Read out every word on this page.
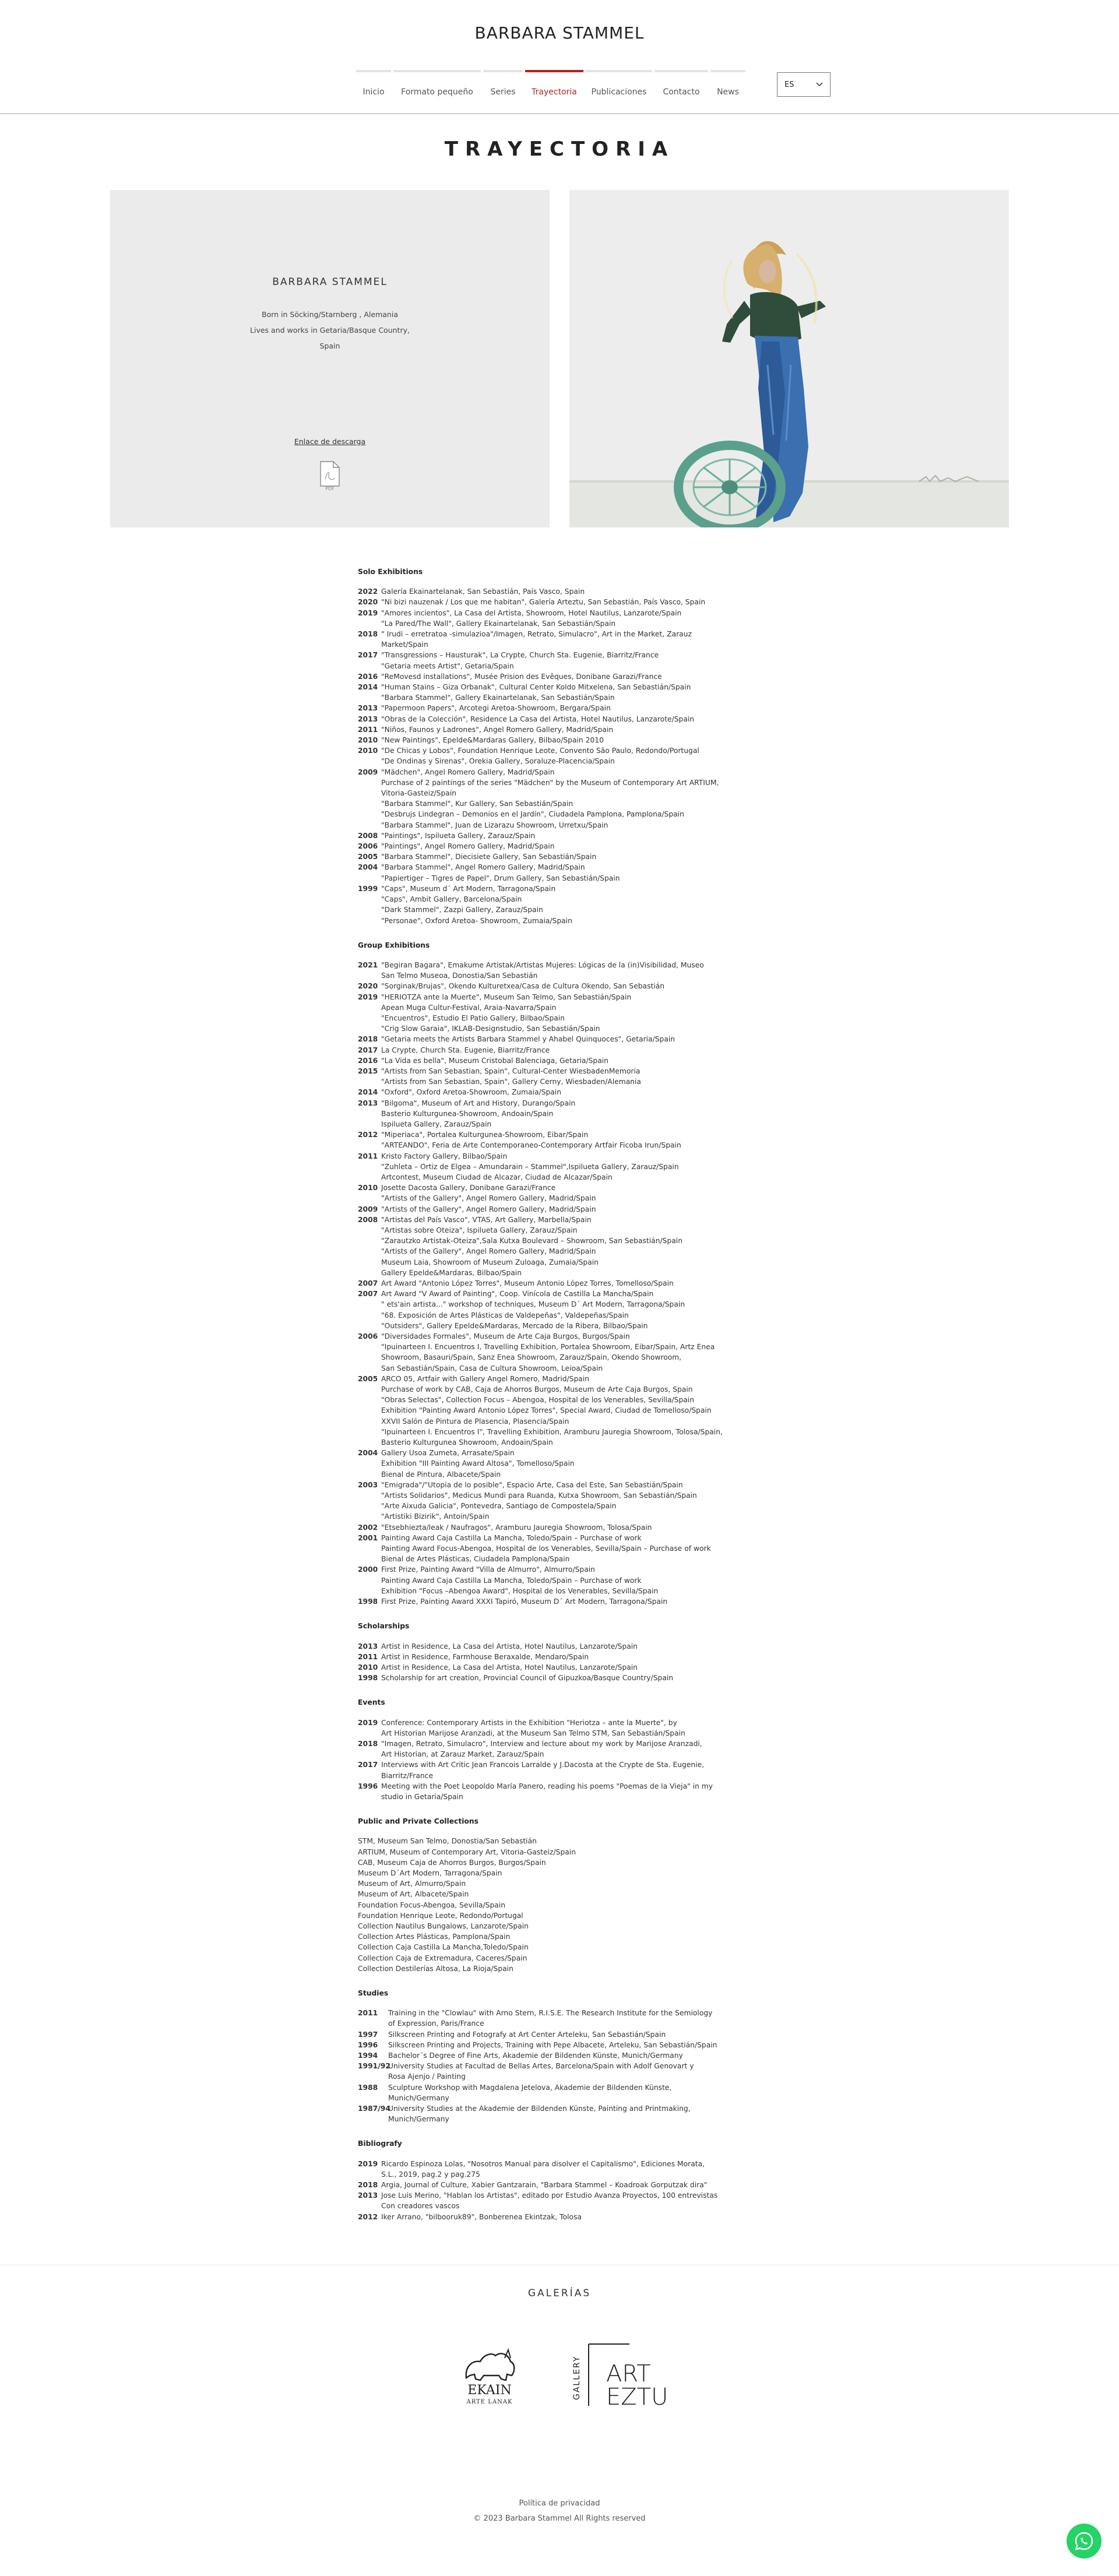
BARBARA STAMMEL
Inicio	Formato pequeño	Series	Trayectoria	Publicaciones	Contacto	News
ES
TRAYECTORIA
BARBARA STAMMEL
Born in Söcking/Starnberg , Alemania
Lives and works in Getaria/Basque Country,
Spain
Enlace de descarga
PDF
Solo Exhibitions
2022 Galería Ekainartelanak, San Sebastián, País Vasco, Spain
2020 "Ni bizi nauzenak / Los que me habitan", Galería Arteztu, San Sebastián, País Vasco, Spain
2019 "Amores incientos", La Casa del Artista, Showroom, Hotel Nautilus, Lanzarote/Spain
"La Pared/The Wall", Gallery Ekainartelanak, San Sebastián/Spain
2018 " Irudi – erretratoa -simulazioa"/Imagen, Retrato, Simulacro", Art in the Market, Zarauz
Market/Spain
2017 "Transgressions – Hausturak", La Crypte, Church Sta. Eugenie, Biarritz/France
"Getaria meets Artist", Getaria/Spain
2016 "ReMovesd installations", Musée Prision des Evêques, Donibane Garazi/France
2014 "Human Stains – Giza Orbanak", Cultural Center Koldo Mitxelena, San Sebastián/Spain
"Barbara Stammel", Gallery Ekainartelanak, San Sebastián/Spain
2013 "Papermoon Papers", Arcotegi Aretoa-Showroom, Bergara/Spain
2013 "Obras de la Colección", Residence La Casa del Artista, Hotel Nautilus, Lanzarote/Spain
2011 "Niños, Faunos y Ladrones", Angel Romero Gallery, Madrid/Spain
2010 "New Paintings", Epelde&Mardaras Gallery, Bilbao/Spain 2010
2010 "De Chicas y Lobos", Foundation Henrique Leote, Convento São Paulo, Redondo/Portugal
"De Ondinas y Sirenas", Orekia Gallery, Soraluze-Placencia/Spain
2009 "Mädchen", Angel Romero Gallery, Madrid/Spain
Purchase of 2 paintings of the series "Mädchen" by the Museum of Contemporary Art ARTIUM,
Vitoria-Gasteiz/Spain
"Barbara Stammel", Kur Gallery, San Sebastián/Spain
"Desbrujs Lindegran – Demonios en el Jardín", Ciudadela Pamplona, Pamplona/Spain
"Barbara Stammel", Juan de Lizarazu Showroom, Urretxu/Spain
2008 "Paintings", Ispilueta Gallery, Zarauz/Spain
2006 "Paintings", Angel Romero Gallery, Madrid/Spain
2005 "Barbara Stammel", Diecisiete Gallery, San Sebastián/Spain
2004 "Barbara Stammel", Angel Romero Gallery, Madrid/Spain
"Papiertiger – Tigres de Papel", Drum Gallery, San Sebastián/Spain
1999 "Caps", Museum d´ Art Modern, Tarragona/Spain
"Caps", Ambit Gallery, Barcelona/Spain
"Dark Stammel", Zazpi Gallery, Zarauz/Spain
"Personae", Oxford Aretoa- Showroom, Zumaia/Spain
Group Exhibitions
2021 "Begiran Bagara", Emakume Artistak/Artistas Mujeres: Lógicas de la (in)Visibilidad, Museo
San Telmo Museoa, Donostia/San Sebastián
2020 "Sorginak/Brujas", Okendo Kulturetxea/Casa de Cultura Okendo, San Sebastián
2019 "HERIOTZA ante la Muerte", Museum San Telmo, San Sebastián/Spain
Apean Muga Cultur-Festival, Araia-Navarra/Spain
"Encuentros", Estudio El Patio Gallery, Bilbao/Spain
"Crig Slow Garaia", IKLAB-Designstudio, San Sebastián/Spain
2018 "Getaria meets the Artists Barbara Stammel y Ahabel Quinquoces", Getaria/Spain
2017 La Crypte, Church Sta. Eugenie, Biarritz/France
2016 "La Vida es bella", Museum Cristobal Balenciaga, Getaria/Spain
2015 "Artists from San Sebastian, Spain", Cultural-Center WiesbadenMemoria
"Artists from San Sebastian, Spain", Gallery Cerny, Wiesbaden/Alemania
2014 "Oxford", Oxford Aretoa-Showroom, Zumaia/Spain
2013 "Bilgoma", Museum of Art and History, Durango/Spain
Basterio Kulturgunea-Showroom, Andoain/Spain
Ispilueta Gallery, Zarauz/Spain
2012 "Miperiaca", Portalea Kulturgunea-Showroom, Eibar/Spain
"ARTEANDO", Feria de Arte Contemporaneo-Contemporary Artfair Ficoba Irun/Spain
2011 Kristo Factory Gallery, Bilbao/Spain
"Zuhleta – Ortiz de Elgea – Amundarain – Stammel",Ispilueta Gallery, Zarauz/Spain
Artcontest, Museum Ciudad de Alcazar, Ciudad de Alcazar/Spain
2010 Josette Dacosta Gallery, Donibane Garazi/France
"Artists of the Gallery", Angel Romero Gallery, Madrid/Spain
2009 "Artists of the Gallery", Angel Romero Gallery, Madrid/Spain
2008 "Artistas del País Vasco", VTAS, Art Gallery, Marbella/Spain
"Artistas sobre Oteiza", Ispilueta Gallery, Zarauz/Spain
"Zarautzko Artistak-Oteiza",Sala Kutxa Boulevard – Showroom, San Sebastián/Spain
"Artists of the Gallery", Angel Romero Gallery, Madrid/Spain
Museum Laia, Showroom of Museum Zuloaga, Zumaia/Spain
Gallery Epelde&Mardaras, Bilbao/Spain
2007 Art Award "Antonio López Torres", Museum Antonio López Torres, Tomelloso/Spain
2007 Art Award "V Award of Painting", Coop. Vinícola de Castilla La Mancha/Spain
" ets'ain artista..." workshop of techniques, Museum D´ Art Modern, Tarragona/Spain
"68. Exposición de Artes Plásticas de Valdepeñas", Valdepeñas/Spain
"Outsiders", Gallery Epelde&Mardaras, Mercado de la Ribera, Bilbao/Spain
2006 "Diversidades Formales", Museum de Arte Caja Burgos, Burgos/Spain
"Ipuinarteen I. Encuentros I, Travelling Exhibition, Portalea Showroom, Eibar/Spain, Artz Enea
Showroom, Basauri/Spain, Sanz Enea Showroom, Zarauz/Spain, Okendo Showroom,
San Sebastián/Spain, Casa de Cultura Showroom, Leioa/Spain
2005 ARCO 05, Artfair with Gallery Angel Romero, Madrid/Spain
Purchase of work by CAB, Caja de Ahorros Burgos, Museum de Arte Caja Burgos, Spain
"Obras Selectas", Collection Focus – Abengoa, Hospital de los Venerables, Sevilla/Spain
Exhibition "Painting Award Antonio López Torres", Special Award, Ciudad de Tomelloso/Spain
XXVII Salón de Pintura de Plasencia, Plasencia/Spain
"Ipuinarteen I. Encuentros I", Travelling Exhibition, Aramburu Jauregia Showroom, Tolosa/Spain,
Basterio Kulturgunea Showroom, Andoain/Spain
2004 Gallery Usoa Zumeta, Arrasate/Spain
Exhibition "III Painting Award Altosa", Tomelloso/Spain
Bienal de Pintura, Albacete/Spain
2003 "Emigrada"/"Utopia de lo posible", Espacio Arte, Casa del Este, San Sebastián/Spain
"Artists Solidarios", Medicus Mundi para Ruanda, Kutxa Showroom, San Sebastián/Spain
"Arte Aixuda Galicia", Pontevedra, Santiago de Compostela/Spain
"Artistiki Bizirik", Antoin/Spain
2002 "Etsebhiezta/leak / Naufragos", Aramburu Jauregia Showroom, Tolosa/Spain
2001 Painting Award Caja Castilla La Mancha, Toledo/Spain – Purchase of work
Painting Award Focus-Abengoa, Hospital de los Venerables, Sevilla/Spain – Purchase of work
Bienal de Artes Plásticas, Ciudadela Pamplona/Spain
2000 First Prize, Painting Award "Villa de Almurro", Almurro/Spain
Painting Award Caja Castilla La Mancha, Toledo/Spain – Purchase of work
Exhibition "Focus –Abengoa Award", Hospital de los Venerables, Sevilla/Spain
1998 First Prize, Painting Award XXXI Tapiró, Museum D´ Art Modern, Tarragona/Spain
Scholarships
2013 Artist in Residence, La Casa del Artista, Hotel Nautilus, Lanzarote/Spain
2011 Artist in Residence, Farmhouse Beraxalde, Mendaro/Spain
2010 Artist in Residence, La Casa del Artista, Hotel Nautilus, Lanzarote/Spain
1998 Scholarship for art creation, Provincial Council of Gipuzkoa/Basque Country/Spain
Events
2019 Conference: Contemporary Artists in the Exhibition "Heriotza – ante la Muerte", by
Art Historian Marijose Aranzadi, at the Museum San Telmo STM, San Sebastián/Spain
2018 "Imagen, Retrato, Simulacro", Interview and lecture about my work by Marijose Aranzadi,
Art Historian, at Zarauz Market, Zarauz/Spain
2017 Interviews with Art Critic Jean Francois Larralde y J.Dacosta at the Crypte de Sta. Eugenie,
Biarritz/France
1996 Meeting with the Poet Leopoldo María Panero, reading his poems "Poemas de la Vieja" in my
studio in Getaria/Spain
Public and Private Collections
STM, Museum San Telmo, Donostia/San Sebastián
ARTIUM, Museum of Contemporary Art, Vitoria-Gasteiz/Spain
CAB, Museum Caja de Ahorros Burgos, Burgos/Spain
Museum D´Art Modern, Tarragona/Spain
Museum of Art, Almurro/Spain
Museum of Art, Albacete/Spain
Foundation Focus-Abengoa, Sevilla/Spain
Foundation Henrique Leote, Redondo/Portugal
Collection Nautilus Bungalows, Lanzarote/Spain
Collection Artes Plásticas, Pamplona/Spain
Collection Caja Castilla La Mancha,Toledo/Spain
Collection Caja de Extremadura, Caceres/Spain
Collection Destilerías Altosa, La Rioja/Spain
Studies
2011	Training in the "Clowlau" with Arno Stern, R.I.S.E. The Research Institute for the Semiology
of Expression, Paris/France
1997	Silkscreen Printing and Fotografy at Art Center Arteleku, San Sebastián/Spain
1996	Silkscreen Printing and Projects, Training with Pepe Albacete, Arteleku, San Sebastián/Spain
1994	Bachelor´s Degree of Fine Arts, Akademie der Bildenden Künste, Munich/Germany
1991/92
University Studies at Facultad de Bellas Artes, Barcelona/Spain with Adolf Genovart y
Rosa Ajenjo / Painting
1988	Sculpture Workshop with Magdalena Jetelova, Akademie der Bildenden Künste,
Munich/Germany
1987/94
University Studies at the Akademie der Bildenden Künste, Painting and Printmaking,
Munich/Germany
Bibliografy
2019 Ricardo Espinoza Lolas, "Nosotros Manual para disolver el Capitalismo", Ediciones Morata,
S.L., 2019, pag.2 y pag.275
2018 Argia, Journal of Culture, Xabier Gantzarain, "Barbara Stammel – Koadroak Gorputzak dira"
2013 Jose Luis Merino, "Hablan los Artistas", editado por Estudio Avanza Proyectos, 100 entrevistas
Con creadores vascos
2012 Iker Arrano, "bilbooruk89", Bonberenea Ekintzak, Tolosa
GALERÍAS
EKAIN
ARTE LANAK
GALLERY ART
EZTU
Política de privacidad
© 2023 Barbara Stammel All Rights reserved
